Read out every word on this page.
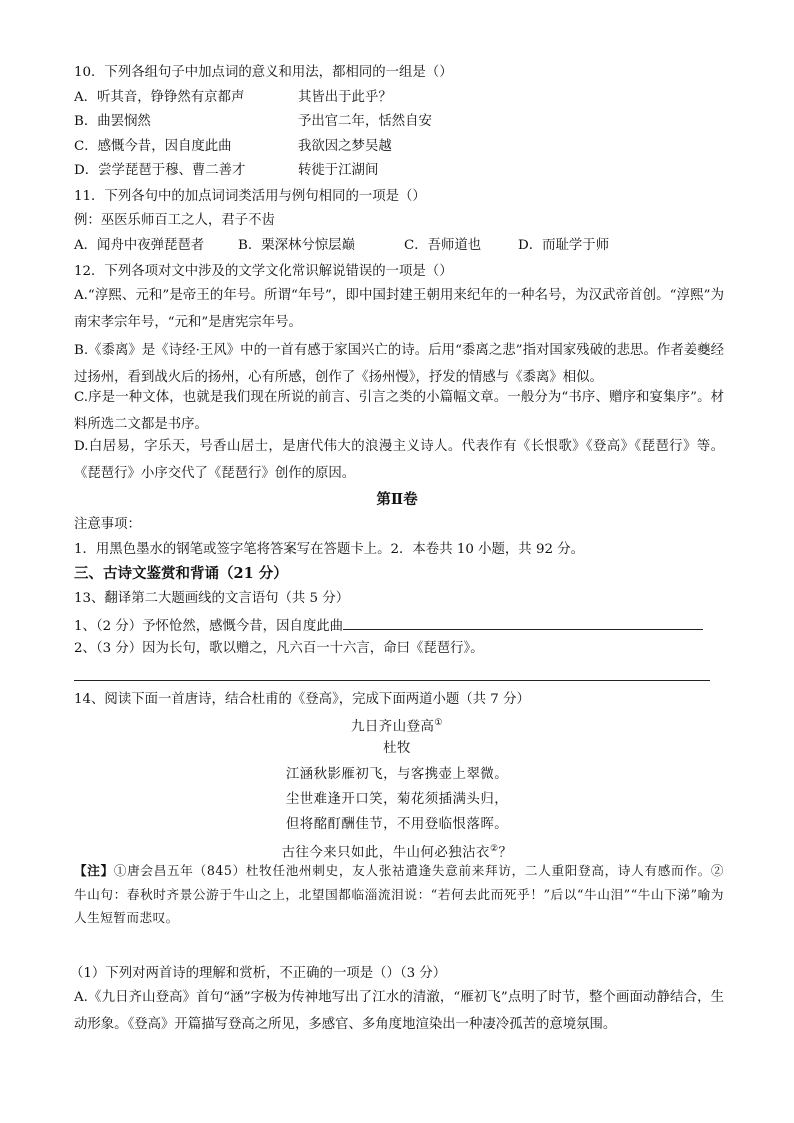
10．下列各组句子中加点词的意义和用法，都相同的一组是（）
A．听其音，铮铮然有京都声	其皆出于此乎？
B．曲罢悯然	予出官二年，恬然自安
C．感慨今昔，因自度此曲	我欲因之梦吴越
D．尝学琵琶于穆、曹二善才	转徙于江湖间
11．下列各句中的加点词词类活用与例句相同的一项是（）
例：巫医乐师百工之人，君子不齿
A．闻舟中夜弹琵琶者	B．栗深林兮惊层巅	C．吾师道也	D．而耻学于师
12．下列各项对文中涉及的文学文化常识解说错误的一项是（）
A.“淳熙、元和”是帝王的年号。所谓“年号”，即中国封建王朝用来纪年的一种名号，为汉武帝首创。“淳熙”为南宋孝宗年号，“元和”是唐宪宗年号。
B.《黍离》是《诗经·王风》中的一首有感于家国兴亡的诗。后用“黍离之悲”指对国家残破的悲思。作者姜夔经过扬州，看到战火后的扬州，心有所感，创作了《扬州慢》，抒发的情感与《黍离》相似。
C.序是一种文体，也就是我们现在所说的前言、引言之类的小篇幅文章。一般分为“书序、赠序和宴集序”。材料所选二文都是书序。
D.白居易，字乐天，号香山居士，是唐代伟大的浪漫主义诗人。代表作有《长恨歌》《登高》《琵琶行》等。《琵琶行》小序交代了《琵琶行》创作的原因。
第Ⅱ卷
注意事项：
1．用黑色墨水的钢笔或签字笔将答案写在答题卡上。2．本卷共 10 小题，共 92 分。
三、古诗文鉴赏和背诵（21 分）
13、翻译第二大题画线的文言语句（共 5 分）
1、（2 分）予怀怆然，感慨今昔，因自度此曲
2、（3 分）因为长句，歌以赠之，凡六百一十六言，命曰《琵琶行》。
14、阅读下面一首唐诗，结合杜甫的《登高》，完成下面两道小题（共 7 分）
九日齐山登高①
杜牧
江涵秋影雁初飞，与客携壶上翠微。
尘世难逢开口笑，菊花须插满头归，
但将酩酊酬佳节，不用登临恨落晖。
古往今来只如此，牛山何必独沾衣②？
【注】①唐会昌五年（845）杜牧任池州刺史，友人张祜遣逢失意前来拜访，二人重阳登高，诗人有感而作。②牛山句：春秋时齐景公游于牛山之上，北望国都临淄流泪说：“若何去此而死乎！”后以“牛山泪”“牛山下涕”喻为人生短暂而悲叹。
（1）下列对两首诗的理解和赏析，不正确的一项是（）（3 分）
A.《九日齐山登高》首句“涵”字极为传神地写出了江水的清澈，“雁初飞”点明了时节，整个画面动静结合，生动形象。《登高》开篇描写登高之所见，多感官、多角度地渲染出一种凄冷孤苦的意境氛围。
